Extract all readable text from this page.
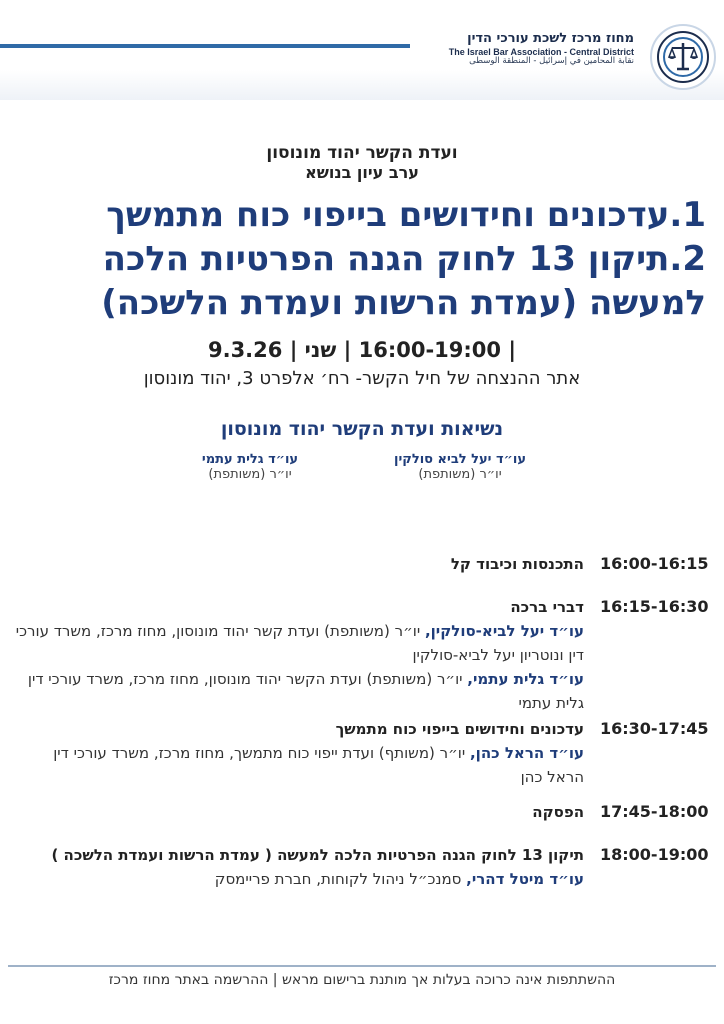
מחוז מרכז לשכת עורכי הדין
The Israel Bar Association - Central District
نقابة المحامين في إسرائيل - المنطقة الوسطى
ועדת הקשר יהוד מונוסון
ערב עיון בנושא
1.עדכונים וחידושים בייפוי כוח מתמשך
2.תיקון 13 לחוק הגנה הפרטיות הלכה
למעשה (עמדת הרשות ועמדת הלשכה)
| 16:00-19:00 | שני | 9.3.26
אתר ההנצחה של חיל הקשר- רח׳ אלפרט 3, יהוד מונוסון
נשיאות ועדת הקשר יהוד מונוסון
עו״ד יעל לביא סולקין
יו״ר (משותפת)
עו״ד גלית עתמי
יו״ר (משותפת)
16:00-16:15
התכנסות וכיבוד קל
16:15-16:30
דברי ברכה
עו״ד יעל לביא-סולקין, יו״ר (משותפת) ועדת קשר יהוד מונוסון, מחוז מרכז, משרד עורכי דין ונוטריון יעל לביא-סולקין
עו״ד גלית עתמי, יו״ר (משותפת) ועדת הקשר יהוד מונוסון, מחוז מרכז, משרד עורכי דין גלית עתמי
16:30-17:45
עדכונים וחידושים בייפוי כוח מתמשך
עו״ד הראל כהן, יו״ר (משותף) ועדת ייפוי כוח מתמשך, מחוז מרכז, משרד עורכי דין הראל כהן
17:45-18:00
הפסקה
18:00-19:00
תיקון 13 לחוק הגנה הפרטיות הלכה למעשה ( עמדת הרשות ועמדת הלשכה )
עו״ד מיטל דהרי, סמנכ״ל ניהול לקוחות, חברת פריימסק
ההשתתפות אינה כרוכה בעלות אך מותנת ברישום מראש | ההרשמה באתר מחוז מרכז
